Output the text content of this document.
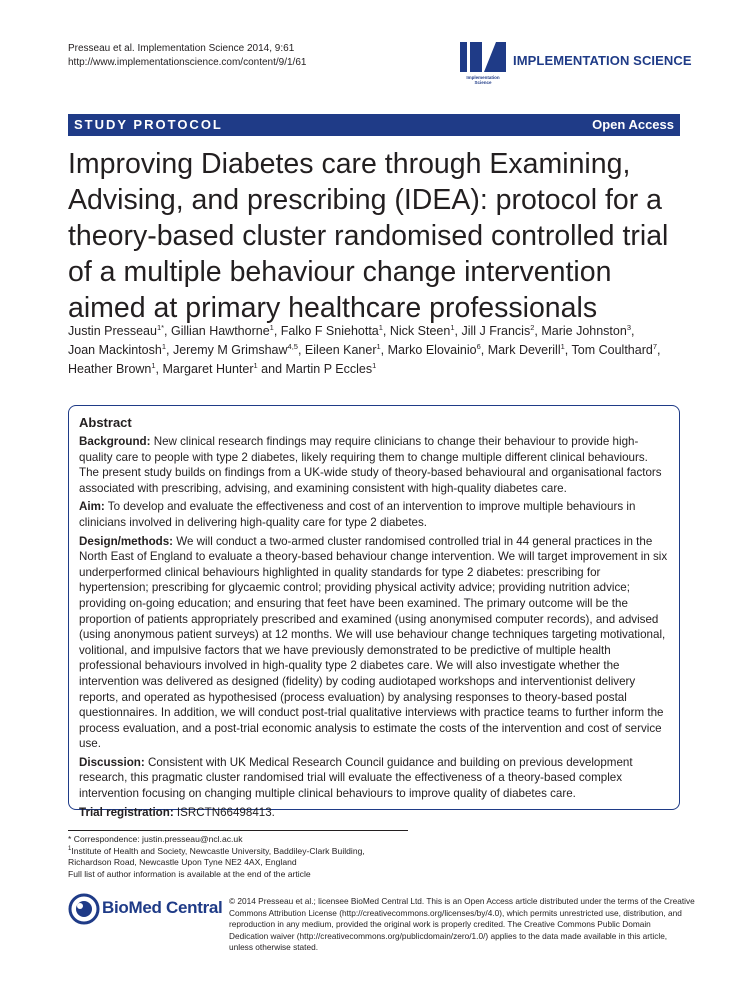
Presseau et al. Implementation Science 2014, 9:61
http://www.implementationscience.com/content/9/1/61
Implementation Science
IMPLEMENTATION SCIENCE
STUDY PROTOCOL	Open Access
Improving Diabetes care through Examining, Advising, and prescribing (IDEA): protocol for a theory-based cluster randomised controlled trial of a multiple behaviour change intervention aimed at primary healthcare professionals
Justin Presseau$^{1*}$, Gillian Hawthorne$^1$, Falko F Sniehotta$^1$, Nick Steen$^1$, Jill J Francis$^2$, Marie Johnston$^3$,
Joan Mackintosh$^1$, Jeremy M Grimshaw$^{4,5}$, Eileen Kaner$^1$, Marko Elovainio$^6$, Mark Deverill$^1$, Tom Coulthard$^7$,
Heather Brown$^1$, Margaret Hunter$^1$ and Martin P Eccles$^1$
Abstract

Background: New clinical research findings may require clinicians to change their behaviour to provide high-quality care to people with type 2 diabetes, likely requiring them to change multiple different clinical behaviours. The present study builds on findings from a UK-wide study of theory-based behavioural and organisational factors associated with prescribing, advising, and examining consistent with high-quality diabetes care.

Aim: To develop and evaluate the effectiveness and cost of an intervention to improve multiple behaviours in clinicians involved in delivering high-quality care for type 2 diabetes.

Design/methods: We will conduct a two-armed cluster randomised controlled trial in 44 general practices in the North East of England to evaluate a theory-based behaviour change intervention. We will target improvement in six underperformed clinical behaviours highlighted in quality standards for type 2 diabetes: prescribing for hypertension; prescribing for glycaemic control; providing physical activity advice; providing nutrition advice; providing on-going education; and ensuring that feet have been examined. The primary outcome will be the proportion of patients appropriately prescribed and examined (using anonymised computer records), and advised (using anonymous patient surveys) at 12 months. We will use behaviour change techniques targeting motivational, volitional, and impulsive factors that we have previously demonstrated to be predictive of multiple health professional behaviours involved in high-quality type 2 diabetes care. We will also investigate whether the intervention was delivered as designed (fidelity) by coding audiotaped workshops and interventionist delivery reports, and operated as hypothesised (process evaluation) by analysing responses to theory-based postal questionnaires. In addition, we will conduct post-trial qualitative interviews with practice teams to further inform the process evaluation, and a post-trial economic analysis to estimate the costs of the intervention and cost of service use.

Discussion: Consistent with UK Medical Research Council guidance and building on previous development research, this pragmatic cluster randomised trial will evaluate the effectiveness of a theory-based complex intervention focusing on changing multiple clinical behaviours to improve quality of diabetes care.

Trial registration: ISRCTN66498413.

* Correspondence: justin.presseau@ncl.ac.uk
$^1$Institute of Health and Society, Newcastle University, Baddiley-Clark Building,
Richardson Road, Newcastle Upon Tyne NE2 4AX, England
Full list of author information is available at the end of the article
BioMed Central © 2014 Presseau et al.; licensee BioMed Central Ltd. This is an Open Access article distributed under the terms of the Creative
Commons Attribution License (http://creativecommons.org/licenses/by/4.0), which permits unrestricted use, distribution, and
reproduction in any medium, provided the original work is properly credited. The Creative Commons Public Domain
Dedication waiver (http://creativecommons.org/publicdomain/zero/1.0/) applies to the data made available in this article,
unless otherwise stated.
